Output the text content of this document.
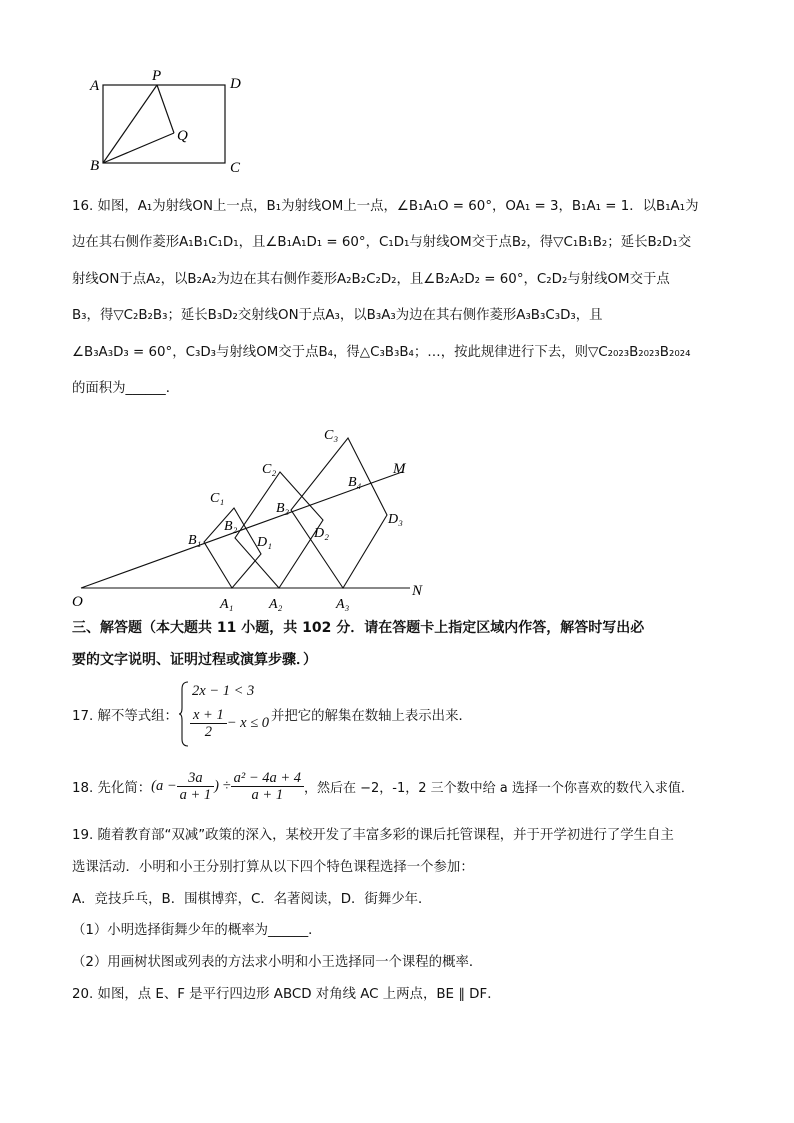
A
P	D
Q
B	C
16. 如图，A₁为射线ON上一点，B₁为射线OM上一点，∠B₁A₁O = 60°，OA₁ = 3，B₁A₁ = 1．以B₁A₁为
边在其右侧作菱形A₁B₁C₁D₁，且∠B₁A₁D₁ = 60°，C₁D₁与射线OM交于点B₂，得▽C₁B₁B₂；延长B₂D₁交
射线ON于点A₂，以B₂A₂为边在其右侧作菱形A₂B₂C₂D₂，且∠B₂A₂D₂ = 60°，C₂D₂与射线OM交于点
B₃，得▽C₂B₂B₃；延长B₃D₂交射线ON于点A₃，以B₃A₃为边在其右侧作菱形A₃B₃C₃D₃，且
∠B₃A₃D₃ = 60°，C₃D₃与射线OM交于点B₄，得△C₃B₃B₄；…，按此规律进行下去，则▽C₂₀₂₃B₂₀₂₃B₂₀₂₄
的面积为______．
O
N
M
A₁	A₂	A₃
B₁
B₂
B₃
B₄
C₁
C₂
C₃
D₁
D₂
D₃
三、解答题（本大题共 11 小题，共 102 分．请在答题卡上指定区域内作答，解答时写出必
要的文字说明、证明过程或演算步骤．）
17. 解不等式组：
2x − 1 < 3
$\frac{x + 1}{2} - x \le 0$ 并把它的解集在数轴上表示出来．
18. 先化简：($a - \frac{3a}{a + 1}$ ) ÷ $\frac{\text{a² − 4a + 4}}{a + 1}$ ，然后在 −2，-1，2 三个数中给 a 选择一个你喜欢的数代入求值．
19. 随着教育部“双减”政策的深入，某校开发了丰富多彩的课后托管课程，并于开学初进行了学生自主
选课活动．小明和小王分别打算从以下四个特色课程选择一个参加：
A．竞技乒乓，B．围棋博弈，C．名著阅读，D．街舞少年．
（1）小明选择街舞少年的概率为______．
（2）用画树状图或列表的方法求小明和小王选择同一个课程的概率．
20. 如图，点 E、F 是平行四边形 ABCD 对角线 AC 上两点，BE ∥ DF．
